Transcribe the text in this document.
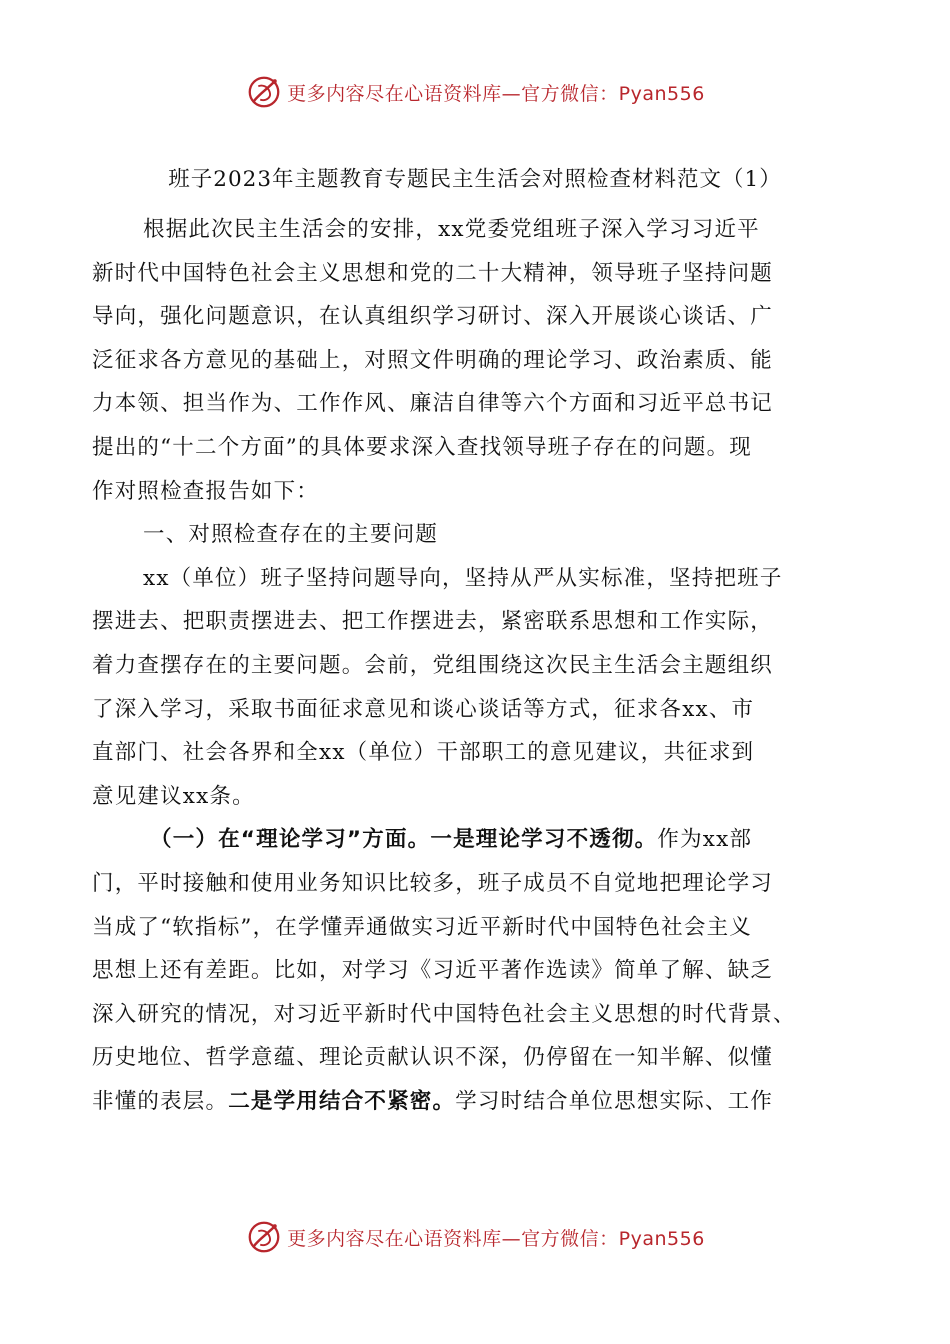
更多内容尽在心语资料库—官方微信：Pyan556
班子2023年主题教育专题民主生活会对照检查材料范文（1）
根据此次民主生活会的安排，xx党委党组班子深入学习习近平
新时代中国特色社会主义思想和党的二十大精神，领导班子坚持问题
导向，强化问题意识，在认真组织学习研讨、深入开展谈心谈话、广
泛征求各方意见的基础上，对照文件明确的理论学习、政治素质、能
力本领、担当作为、工作作风、廉洁自律等六个方面和习近平总书记
提出的“十二个方面”的具体要求深入查找领导班子存在的问题。现
作对照检查报告如下：
一、对照检查存在的主要问题
xx（单位）班子坚持问题导向，坚持从严从实标准，坚持把班子
摆进去、把职责摆进去、把工作摆进去，紧密联系思想和工作实际，
着力查摆存在的主要问题。会前，党组围绕这次民主生活会主题组织
了深入学习，采取书面征求意见和谈心谈话等方式，征求各xx、市
直部门、社会各界和全xx（单位）干部职工的意见建议，共征求到
意见建议xx条。
（一）在“理论学习”方面。一是理论学习不透彻。作为xx部
门，平时接触和使用业务知识比较多，班子成员不自觉地把理论学习
当成了“软指标”，在学懂弄通做实习近平新时代中国特色社会主义
思想上还有差距。比如，对学习《习近平著作选读》简单了解、缺乏
深入研究的情况，对习近平新时代中国特色社会主义思想的时代背景、
历史地位、哲学意蕴、理论贡献认识不深，仍停留在一知半解、似懂
非懂的表层。二是学用结合不紧密。学习时结合单位思想实际、工作
更多内容尽在心语资料库—官方微信：Pyan556
